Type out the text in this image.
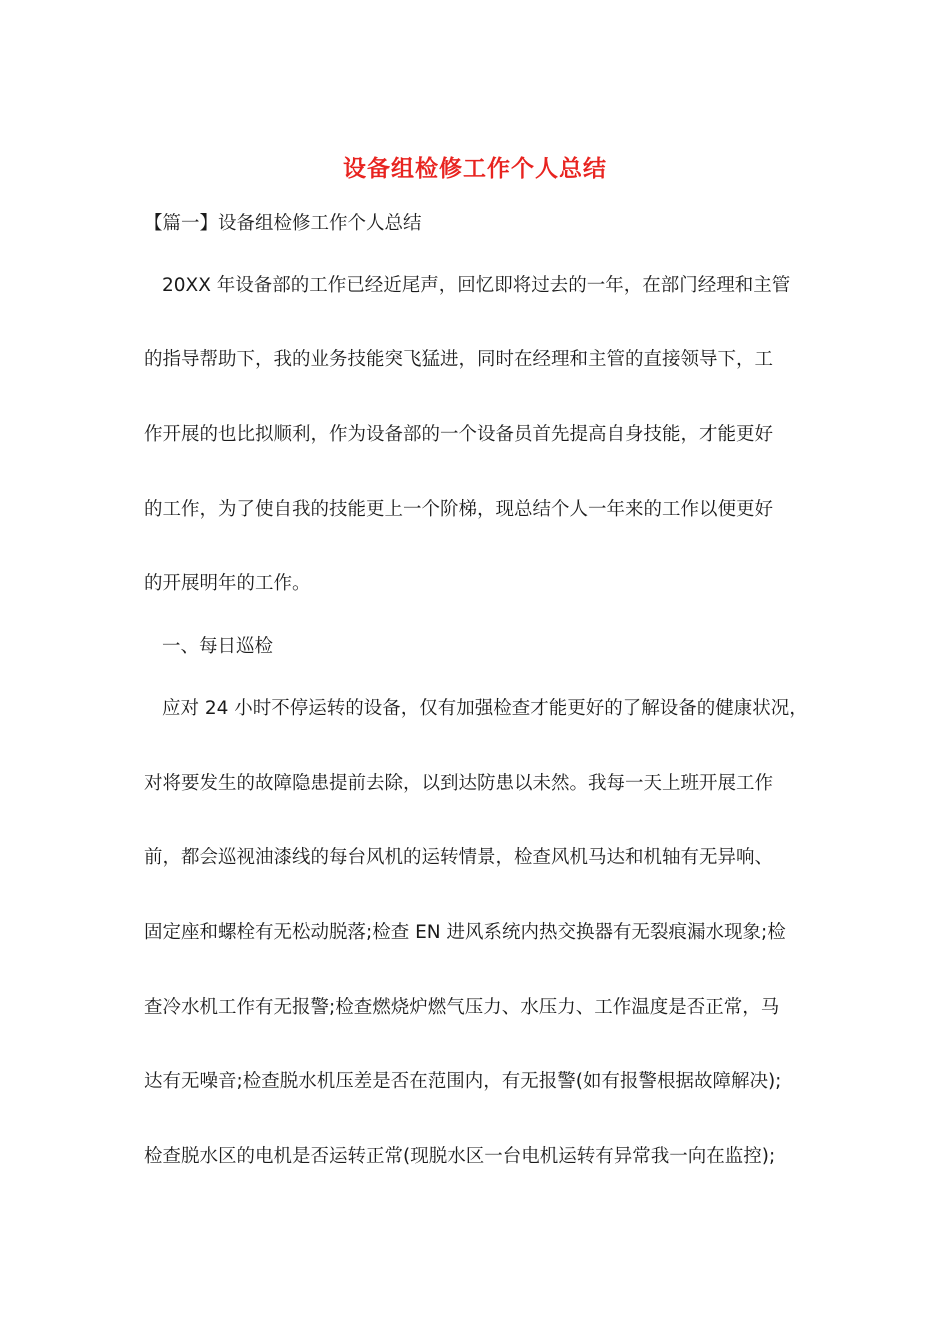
设备组检修工作个人总结

【篇一】设备组检修工作个人总结

20XX 年设备部的工作已经近尾声，回忆即将过去的一年，在部门经理和主管

的指导帮助下，我的业务技能突飞猛进，同时在经理和主管的直接领导下，工

作开展的也比拟顺利，作为设备部的一个设备员首先提高自身技能，才能更好

的工作，为了使自我的技能更上一个阶梯，现总结个人一年来的工作以便更好

的开展明年的工作。

一、每日巡检

应对 24 小时不停运转的设备，仅有加强检查才能更好的了解设备的健康状况，

对将要发生的故障隐患提前去除，以到达防患以未然。我每一天上班开展工作

前，都会巡视油漆线的每台风机的运转情景，检查风机马达和机轴有无异响、

固定座和螺栓有无松动脱落;检查 EN 进风系统内热交换器有无裂痕漏水现象;检

查冷水机工作有无报警;检查燃烧炉燃气压力、水压力、工作温度是否正常，马

达有无噪音;检查脱水机压差是否在范围内，有无报警(如有报警根据故障解决);

检查脱水区的电机是否运转正常(现脱水区一台电机运转有异常我一向在监控);
